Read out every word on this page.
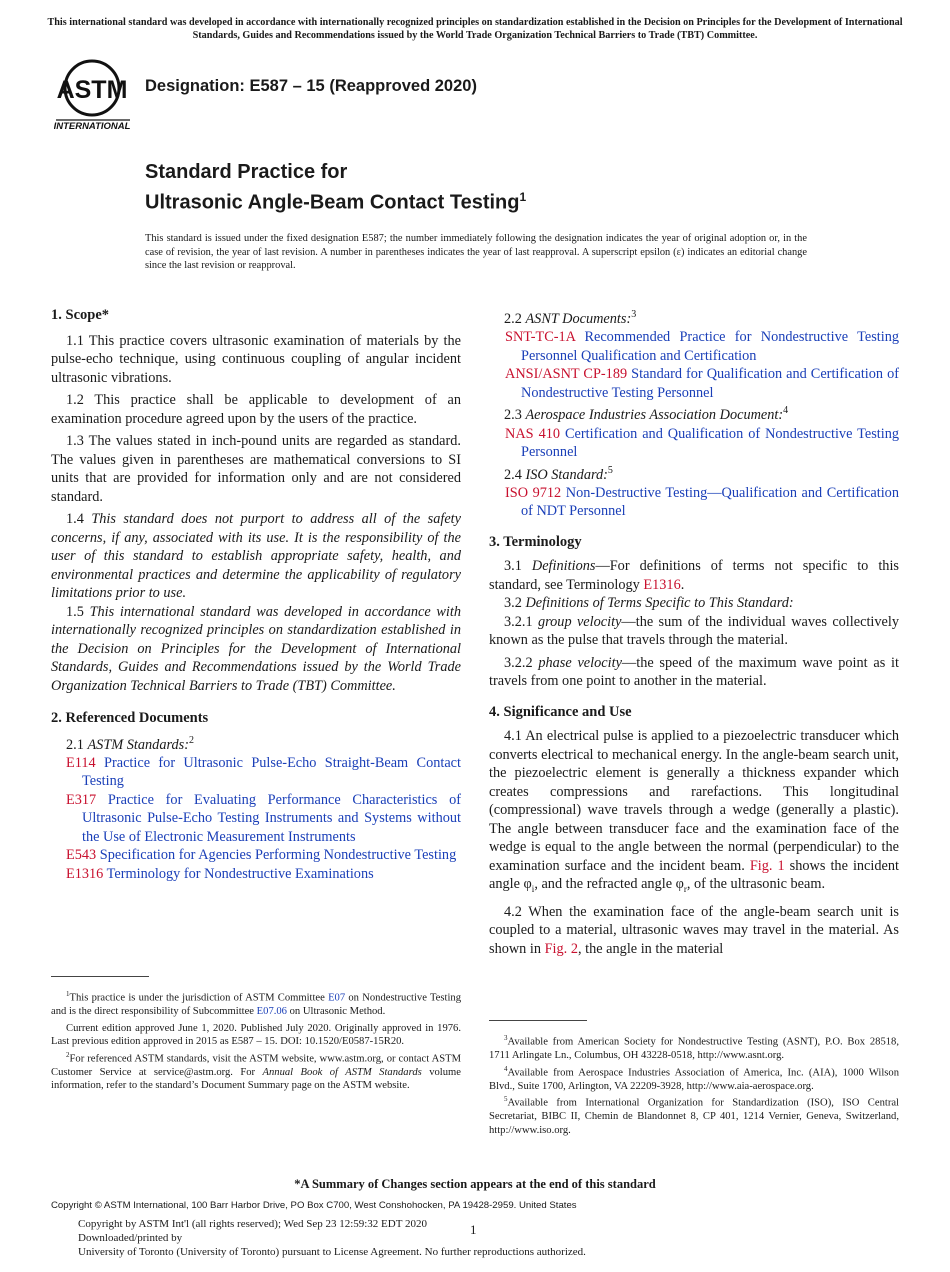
This international standard was developed in accordance with internationally recognized principles on standardization established in the Decision on Principles for the Development of International Standards, Guides and Recommendations issued by the World Trade Organization Technical Barriers to Trade (TBT) Committee.
ASTM
INTERNATIONAL
Designation: E587 – 15 (Reapproved 2020)
Standard Practice for
Ultrasonic Angle-Beam Contact Testing$^1$
This standard is issued under the fixed designation E587; the number immediately following the designation indicates the year of original adoption or, in the case of revision, the year of last revision. A number in parentheses indicates the year of last reapproval. A superscript epsilon (ε) indicates an editorial change since the last revision or reapproval.
1. Scope*

1.1 This practice covers ultrasonic examination of materials by the pulse-echo technique, using continuous coupling of angular incident ultrasonic vibrations.

1.2 This practice shall be applicable to development of an examination procedure agreed upon by the users of the practice.

1.3 The values stated in inch-pound units are regarded as standard. The values given in parentheses are mathematical conversions to SI units that are provided for information only and are not considered standard.

1.4 This standard does not purport to address all of the safety concerns, if any, associated with its use. It is the responsibility of the user of this standard to establish appropriate safety, health, and environmental practices and determine the applicability of regulatory limitations prior to use.

1.5 This international standard was developed in accordance with internationally recognized principles on standardization established in the Decision on Principles for the Development of International Standards, Guides and Recommendations issued by the World Trade Organization Technical Barriers to Trade (TBT) Committee.

2. Referenced Documents

2.1 ASTM Standards:$^2$

E114 Practice for Ultrasonic Pulse-Echo Straight-Beam Contact Testing

E317 Practice for Evaluating Performance Characteristics of Ultrasonic Pulse-Echo Testing Instruments and Systems without the Use of Electronic Measurement Instruments

E543 Specification for Agencies Performing Nondestructive Testing

E1316 Terminology for Nondestructive Examinations

$^1$This practice is under the jurisdiction of ASTM Committee E07 on Nondestructive Testing and is the direct responsibility of Subcommittee E07.06 on Ultrasonic Method.

Current edition approved June 1, 2020. Published July 2020. Originally approved in 1976. Last previous edition approved in 2015 as E587 – 15. DOI: 10.1520/E0587-15R20.

$^2$For referenced ASTM standards, visit the ASTM website, www.astm.org, or contact ASTM Customer Service at service@astm.org. For Annual Book of ASTM Standards volume information, refer to the standard’s Document Summary page on the ASTM website.

2.2 ASNT Documents:$^3$

SNT-TC-1A Recommended Practice for Nondestructive Testing Personnel Qualification and Certification

ANSI/ASNT CP-189 Standard for Qualification and Certification of Nondestructive Testing Personnel

2.3 Aerospace Industries Association Document:$^4$

NAS 410 Certification and Qualification of Nondestructive Testing Personnel

2.4 ISO Standard:$^5$

ISO 9712 Non-Destructive Testing—Qualification and Certification of NDT Personnel

3. Terminology

3.1 Definitions—For definitions of terms not specific to this standard, see Terminology E1316.

3.2 Definitions of Terms Specific to This Standard:

3.2.1 group velocity—the sum of the individual waves collectively known as the pulse that travels through the material.

3.2.2 phase velocity—the speed of the maximum wave point as it travels from one point to another in the material.

4. Significance and Use

4.1 An electrical pulse is applied to a piezoelectric transducer which converts electrical to mechanical energy. In the angle-beam search unit, the piezoelectric element is generally a thickness expander which creates compressions and rarefactions. This longitudinal (compressional) wave travels through a wedge (generally a plastic). The angle between transducer face and the examination face of the wedge is equal to the angle between the normal (perpendicular) to the examination surface and the incident beam. Fig. 1 shows the incident angle $\varphi_i$, and the refracted angle $\varphi_r$, of the ultrasonic beam.

4.2 When the examination face of the angle-beam search unit is coupled to a material, ultrasonic waves may travel in the material. As shown in Fig. 2, the angle in the material

$^3$Available from American Society for Nondestructive Testing (ASNT), P.O. Box 28518, 1711 Arlingate Ln., Columbus, OH 43228-0518, http://www.asnt.org.

$^4$Available from Aerospace Industries Association of America, Inc. (AIA), 1000 Wilson Blvd., Suite 1700, Arlington, VA 22209-3928, http://www.aia-aerospace.org.

$^5$Available from International Organization for Standardization (ISO), ISO Central Secretariat, BIBC II, Chemin de Blandonnet 8, CP 401, 1214 Vernier, Geneva, Switzerland, http://www.iso.org.

*A Summary of Changes section appears at the end of this standard
Copyright © ASTM International, 100 Barr Harbor Drive, PO Box C700, West Conshohocken, PA 19428-2959. United States
Copyright by ASTM Int'l (all rights reserved); Wed Sep 23 12:59:32 EDT 2020
Downloaded/printed by
University of Toronto (University of Toronto) pursuant to License Agreement. No further reproductions authorized.
1
